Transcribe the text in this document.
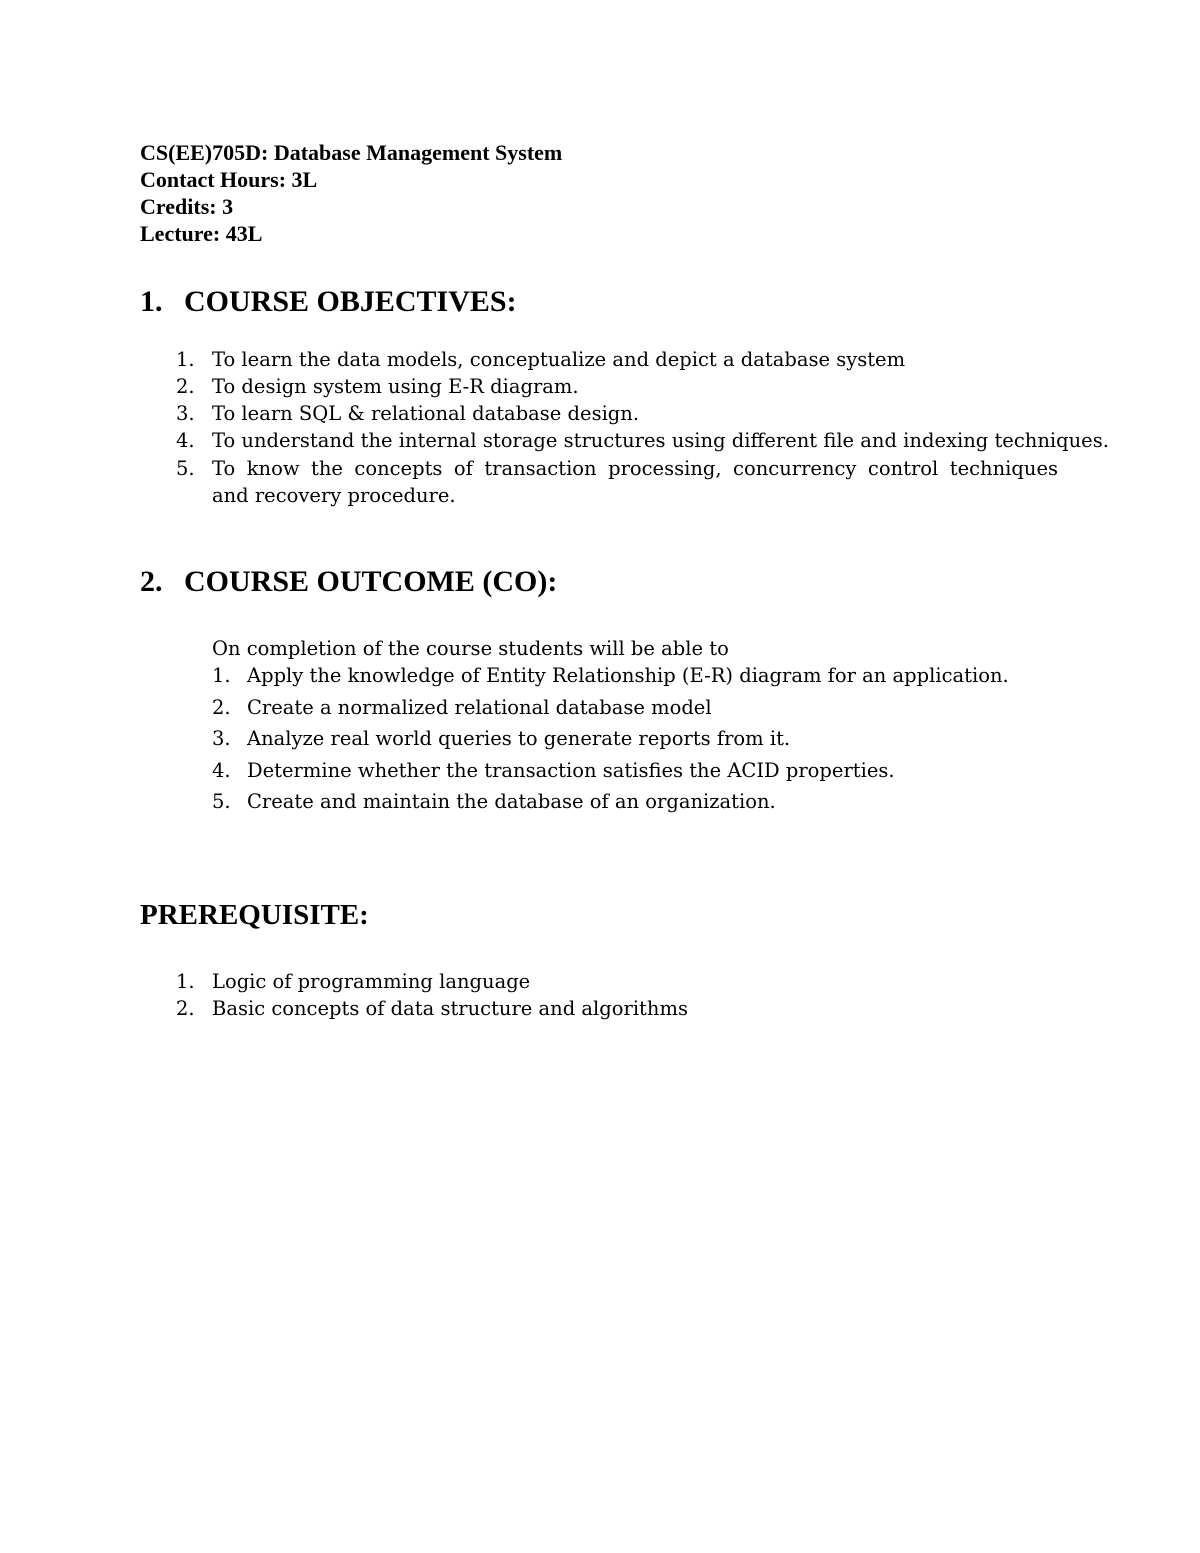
CS(EE)705D: Database Management System
Contact Hours: 3L
Credits: 3
Lecture: 43L
1. COURSE OBJECTIVES:
1. To learn the data models, conceptualize and depict a database system
2. To design system using E-R diagram.
3. To learn SQL & relational database design.
4. To understand the internal storage structures using different file and indexing techniques.
5. To know the concepts of transaction processing, concurrency control techniques
and recovery procedure.
2. COURSE OUTCOME (CO):
On completion of the course students will be able to
1. Apply the knowledge of Entity Relationship (E-R) diagram for an application.
2. Create a normalized relational database model
3. Analyze real world queries to generate reports from it.
4. Determine whether the transaction satisfies the ACID properties.
5. Create and maintain the database of an organization.
PREREQUISITE:
1. Logic of programming language
2. Basic concepts of data structure and algorithms
